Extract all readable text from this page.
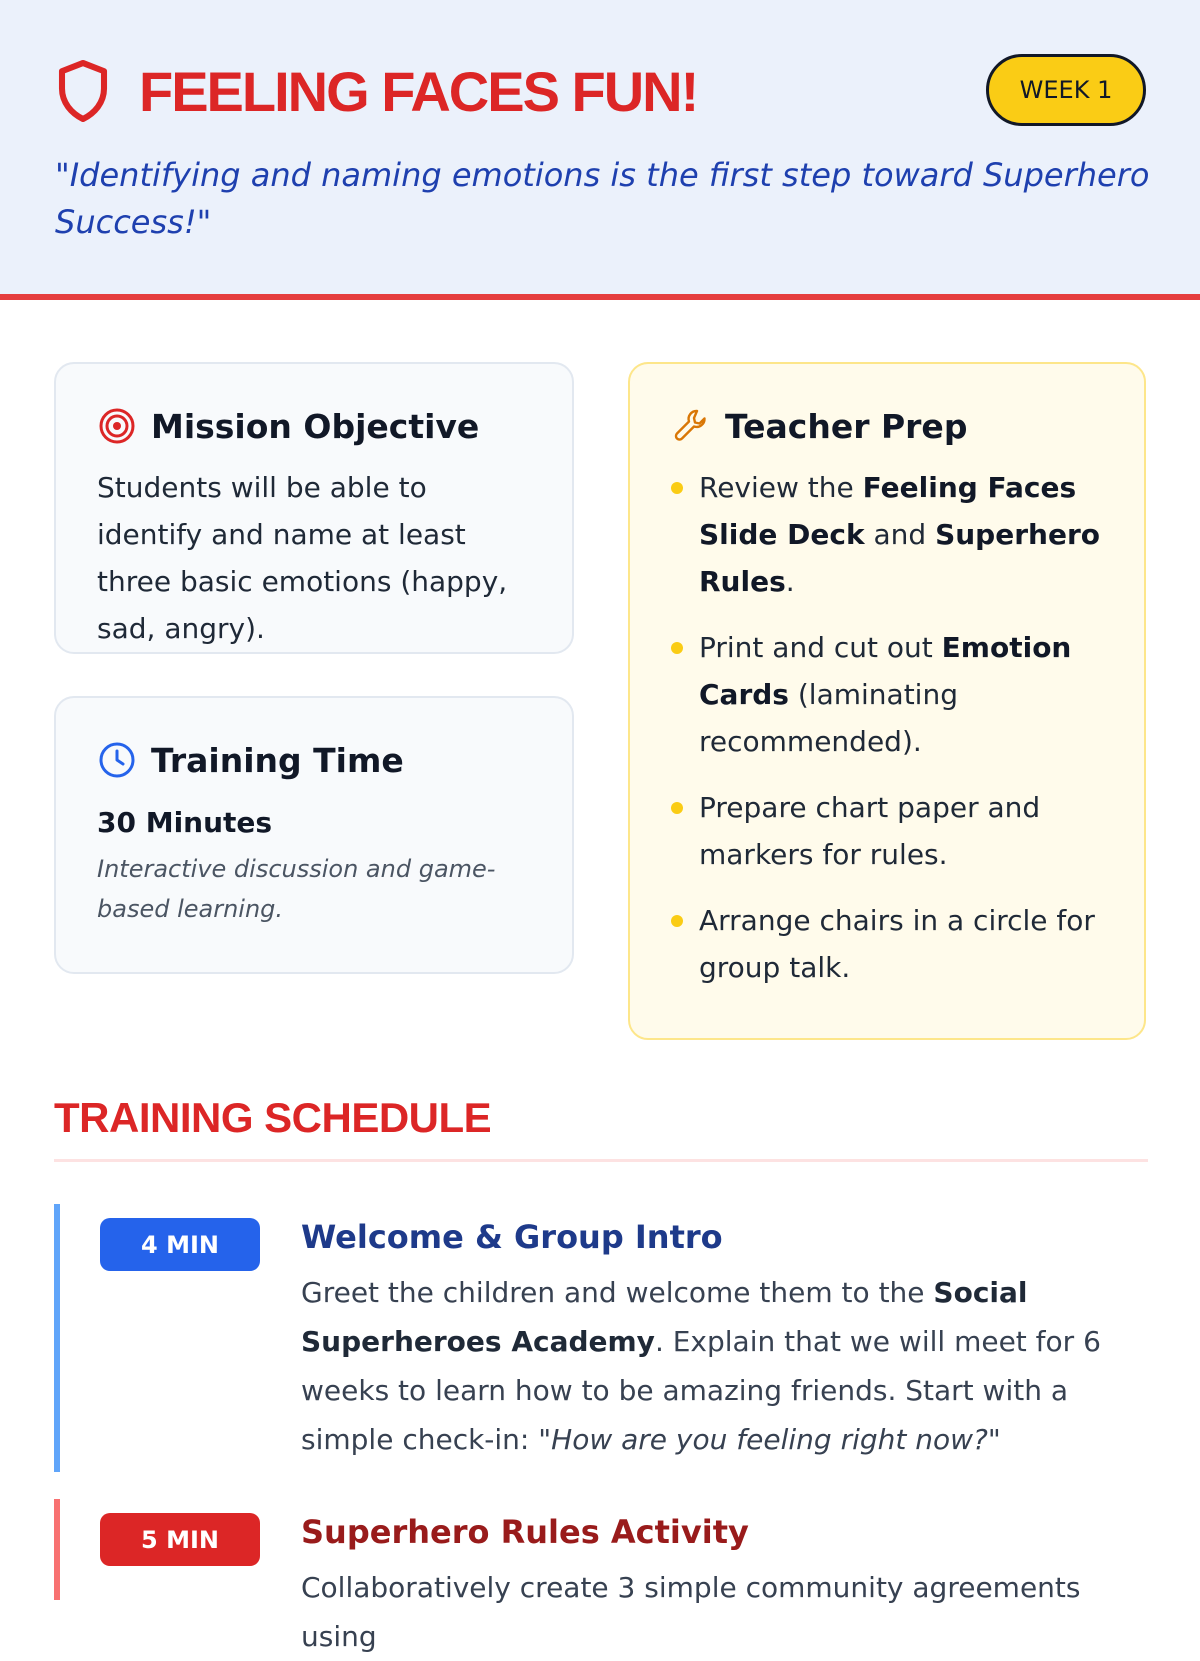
FEELING FACES FUN!	WEEK 1

"Identifying and naming emotions is the first step toward Superhero Success!"

Mission Objective

Students will be able to identify and name at least three basic emotions (happy, sad, angry).

Training Time

30 Minutes

Interactive discussion and game-based learning.

Teacher Prep
Review the Feeling Faces Slide Deck and Superhero Rules.
Print and cut out Emotion Cards (laminating recommended).
Prepare chart paper and markers for rules.
Arrange chairs in a circle for group talk.
TRAINING SCHEDULE
4 MIN	Welcome & Group Intro

Greet the children and welcome them to the Social Superheroes Academy. Explain that we will meet for 6 weeks to learn how to be amazing friends. Start with a simple check-in: "How are you feeling right now?"

5 MIN	Superhero Rules Activity

Collaboratively create 3 simple community agreements using
